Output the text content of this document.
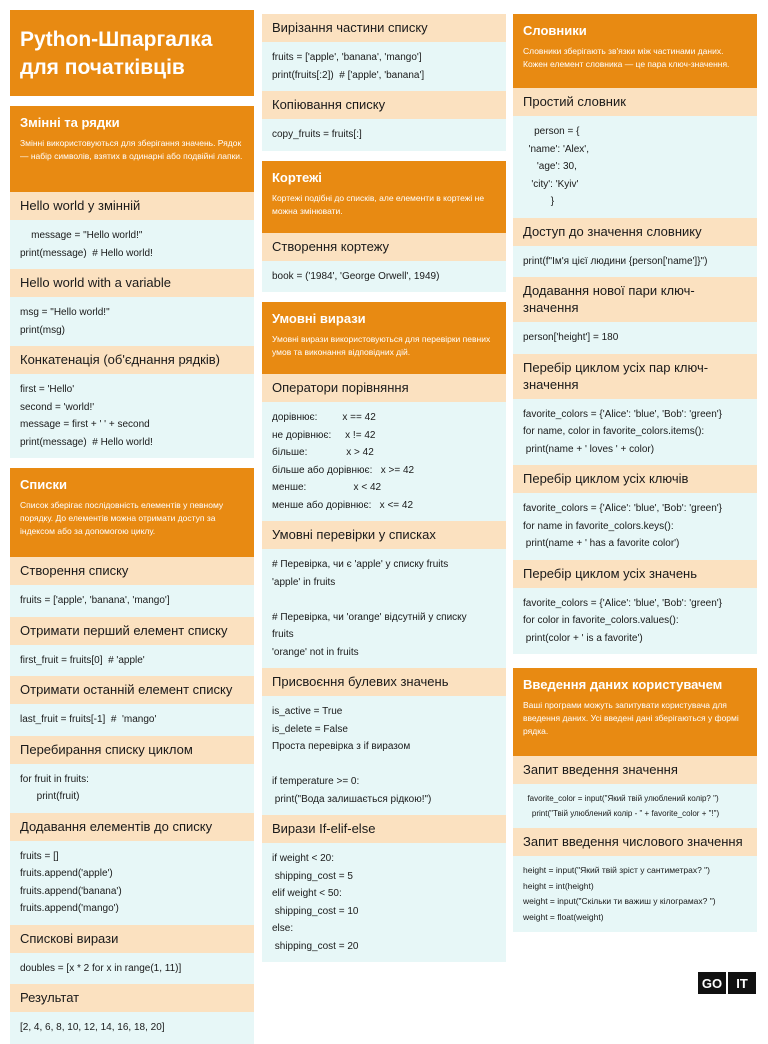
Python-Шпаргалка
для початківців
Змінні та рядки
Змінні використовуються для зберігання значень. Рядок — набір символів, взятих в одинарні або подвійні лапки.
Hello world у змінній
message = "Hello world!"
print(message)  # Hello world!
Hello world with a variable
msg = "Hello world!"
print(msg)
Конкатенація (об'єднання рядків)
first = 'Hello'
second = 'world!'
message = first + ' ' + second
print(message)  # Hello world!
Списки
Список зберігає послідовність елементів у певному порядку. До елементів можна отримати доступ за індексом або за допомогою циклу.
Створення списку
fruits = ['apple', 'banana', 'mango']
Отримати перший елемент списку
first_fruit = fruits[0]  # 'apple'
Отримати останній елемент списку
last_fruit = fruits[-1]  #  'mango'
Перебирання списку циклом
for fruit in fruits:
print(fruit)
Додавання елементів до списку
fruits = []
fruits.append('apple')
fruits.append('banana')
fruits.append('mango')
Спискові вирази
doubles = [x * 2 for x in range(1, 11)]
Результат
[2, 4, 6, 8, 10, 12, 14, 16, 18, 20]
Вирізання частини списку
fruits = ['apple', 'banana', 'mango']
print(fruits[:2])  # ['apple', 'banana']
Копіювання списку
copy_fruits = fruits[:]
Кортежі
Кортежі подібні до списків, але елементи в кортежі не можна змінювати.
Створення кортежу
book = ('1984', 'George Orwell', 1949)
Умовні вирази
Умовні вирази використовуються для перевірки певних умов та виконання відповідних дій.
Оператори порівняння
дорівнює:         x == 42
не дорівнює:     x != 42
більше:              x > 42
більше або дорівнює:   x >= 42
менше:                 x < 42
менше або дорівнює:   x <= 42
Умовні перевірки у списках
# Перевірка, чи є 'apple' у списку fruits
'apple' in fruits

# Перевірка, чи 'orange' відсутній у списку
fruits
'orange' not in fruits
Присвоєння булевих значень
is_active = True
is_delete = False
Проста перевірка з if виразом

if temperature >= 0:
print("Вода залишається рідкою!")
Вирази If-elif-else
if weight < 20:
shipping_cost = 5
elif weight < 50:
shipping_cost = 10
else:
shipping_cost = 20
Словники
Словники зберігають зв'язки між частинами даних. Кожен елемент словника — це пара ключ-значення.
Простий словник
person = {
'name': 'Alex',
'age': 30,
'city': 'Kyiv'
}
Доступ до значення словнику
print(f"Ім'я цієї людини {person['name']}")
Додавання нової пари ключ-
значення
person['height'] = 180
Перебір циклом усіх пар ключ-
значення
favorite_colors = {'Alice': 'blue', 'Bob': 'green'}
for name, color in favorite_colors.items():
print(name + ' loves ' + color)
Перебір циклом усіх ключів
favorite_colors = {'Alice': 'blue', 'Bob': 'green'}
for name in favorite_colors.keys():
print(name + ' has a favorite color')
Перебір циклом усіх значень
favorite_colors = {'Alice': 'blue', 'Bob': 'green'}
for color in favorite_colors.values():
print(color + ' is a favorite')
Введення даних користувачем
Ваші програми можуть запитувати користувача для введення даних. Усі введені дані зберігаються у формі рядка.
Запит введення значення
favorite_color = input("Який твій улюблений колір? ")
print("Твій улюблений колір - " + favorite_color + "!")
Запит введення числового значення
height = input("Який твій зріст у сантиметрах? ")
height = int(height)
weight = input("Скільки ти важиш у кілограмах? ")
weight = float(weight)
GO	IT
